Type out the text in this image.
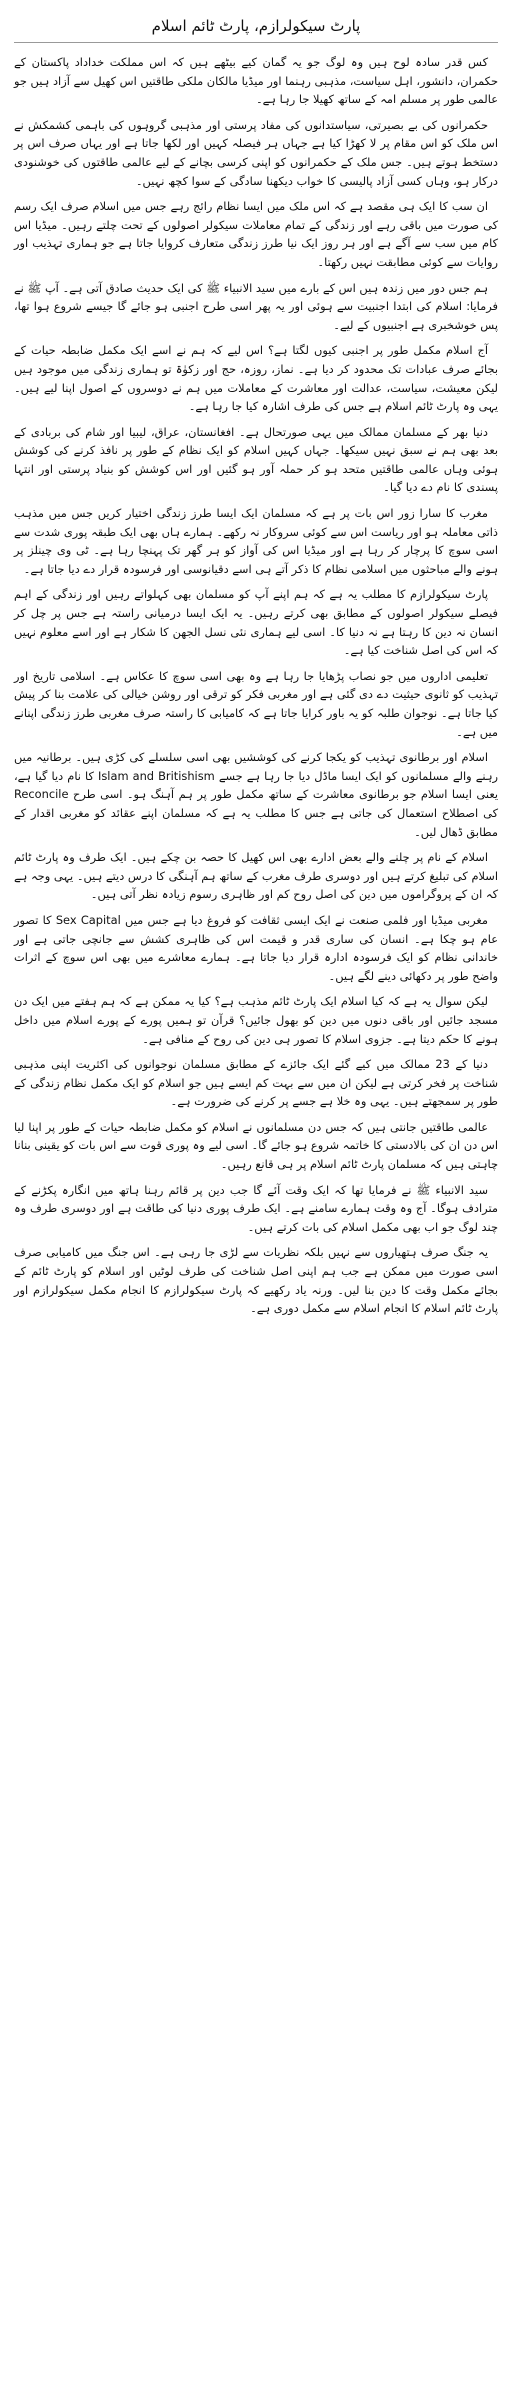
پارٹ سیکولرازم، پارٹ ٹائم اسلام

کس قدر سادہ لوح ہیں وہ لوگ جو یہ گمان کیے بیٹھے ہیں کہ اس مملکت خداداد پاکستان کے حکمران، دانشور، اہل سیاست، مذہبی رہنما اور میڈیا مالکان ملکی طاقتیں اس کھیل سے آزاد ہیں جو عالمی طور پر مسلم امہ کے ساتھ کھیلا جا رہا ہے۔

حکمرانوں کی بے بصیرتی، سیاستدانوں کی مفاد پرستی اور مذہبی گروہوں کی باہمی کشمکش نے اس ملک کو اس مقام پر لا کھڑا کیا ہے جہاں ہر فیصلہ کہیں اور لکھا جاتا ہے اور یہاں صرف اس پر دستخط ہوتے ہیں۔ جس ملک کے حکمرانوں کو اپنی کرسی بچانے کے لیے عالمی طاقتوں کی خوشنودی درکار ہو، وہاں کسی آزاد پالیسی کا خواب دیکھنا سادگی کے سوا کچھ نہیں۔

ان سب کا ایک ہی مقصد ہے کہ اس ملک میں ایسا نظام رائج رہے جس میں اسلام صرف ایک رسم کی صورت میں باقی رہے اور زندگی کے تمام معاملات سیکولر اصولوں کے تحت چلتے رہیں۔ میڈیا اس کام میں سب سے آگے ہے اور ہر روز ایک نیا طرز زندگی متعارف کروایا جاتا ہے جو ہماری تہذیب اور روایات سے کوئی مطابقت نہیں رکھتا۔

ہم جس دور میں زندہ ہیں اس کے بارے میں سید الانبیاء ﷺ کی ایک حدیث صادق آتی ہے۔ آپ ﷺ نے فرمایا: اسلام کی ابتدا اجنبیت سے ہوئی اور یہ پھر اسی طرح اجنبی ہو جائے گا جیسے شروع ہوا تھا، پس خوشخبری ہے اجنبیوں کے لیے۔

آج اسلام مکمل طور پر اجنبی کیوں لگتا ہے؟ اس لیے کہ ہم نے اسے ایک مکمل ضابطہ حیات کے بجائے صرف عبادات تک محدود کر دیا ہے۔ نماز، روزہ، حج اور زکوٰۃ تو ہماری زندگی میں موجود ہیں لیکن معیشت، سیاست، عدالت اور معاشرت کے معاملات میں ہم نے دوسروں کے اصول اپنا لیے ہیں۔ یہی وہ پارٹ ٹائم اسلام ہے جس کی طرف اشارہ کیا جا رہا ہے۔

دنیا بھر کے مسلمان ممالک میں یہی صورتحال ہے۔ افغانستان، عراق، لیبیا اور شام کی بربادی کے بعد بھی ہم نے سبق نہیں سیکھا۔ جہاں کہیں اسلام کو ایک نظام کے طور پر نافذ کرنے کی کوشش ہوئی وہاں عالمی طاقتیں متحد ہو کر حملہ آور ہو گئیں اور اس کوشش کو بنیاد پرستی اور انتہا پسندی کا نام دے دیا گیا۔

مغرب کا سارا زور اس بات پر ہے کہ مسلمان ایک ایسا طرز زندگی اختیار کریں جس میں مذہب ذاتی معاملہ ہو اور ریاست اس سے کوئی سروکار نہ رکھے۔ ہمارے ہاں بھی ایک طبقہ پوری شدت سے اسی سوچ کا پرچار کر رہا ہے اور میڈیا اس کی آواز کو ہر گھر تک پہنچا رہا ہے۔ ٹی وی چینلز پر ہونے والے مباحثوں میں اسلامی نظام کا ذکر آتے ہی اسے دقیانوسی اور فرسودہ قرار دے دیا جاتا ہے۔

پارٹ سیکولرازم کا مطلب یہ ہے کہ ہم اپنے آپ کو مسلمان بھی کہلواتے رہیں اور زندگی کے اہم فیصلے سیکولر اصولوں کے مطابق بھی کرتے رہیں۔ یہ ایک ایسا درمیانی راستہ ہے جس پر چل کر انسان نہ دین کا رہتا ہے نہ دنیا کا۔ اسی لیے ہماری نئی نسل الجھن کا شکار ہے اور اسے معلوم نہیں کہ اس کی اصل شناخت کیا ہے۔

تعلیمی اداروں میں جو نصاب پڑھایا جا رہا ہے وہ بھی اسی سوچ کا عکاس ہے۔ اسلامی تاریخ اور تہذیب کو ثانوی حیثیت دے دی گئی ہے اور مغربی فکر کو ترقی اور روشن خیالی کی علامت بنا کر پیش کیا جاتا ہے۔ نوجوان طلبہ کو یہ باور کرایا جاتا ہے کہ کامیابی کا راستہ صرف مغربی طرز زندگی اپنانے میں ہے۔

اسلام اور برطانوی تہذیب کو یکجا کرنے کی کوششیں بھی اسی سلسلے کی کڑی ہیں۔ برطانیہ میں رہنے والے مسلمانوں کو ایک ایسا ماڈل دیا جا رہا ہے جسے Islam and Britishism کا نام دیا گیا ہے، یعنی ایسا اسلام جو برطانوی معاشرت کے ساتھ مکمل طور پر ہم آہنگ ہو۔ اسی طرح Reconcile کی اصطلاح استعمال کی جاتی ہے جس کا مطلب یہ ہے کہ مسلمان اپنے عقائد کو مغربی اقدار کے مطابق ڈھال لیں۔

اسلام کے نام پر چلنے والے بعض ادارے بھی اس کھیل کا حصہ بن چکے ہیں۔ ایک طرف وہ پارٹ ٹائم اسلام کی تبلیغ کرتے ہیں اور دوسری طرف مغرب کے ساتھ ہم آہنگی کا درس دیتے ہیں۔ یہی وجہ ہے کہ ان کے پروگراموں میں دین کی اصل روح کم اور ظاہری رسوم زیادہ نظر آتی ہیں۔

مغربی میڈیا اور فلمی صنعت نے ایک ایسی ثقافت کو فروغ دیا ہے جس میں Sex Capital کا تصور عام ہو چکا ہے۔ انسان کی ساری قدر و قیمت اس کی ظاہری کشش سے جانچی جاتی ہے اور خاندانی نظام کو ایک فرسودہ ادارہ قرار دیا جاتا ہے۔ ہمارے معاشرے میں بھی اس سوچ کے اثرات واضح طور پر دکھائی دینے لگے ہیں۔

لیکن سوال یہ ہے کہ کیا اسلام ایک پارٹ ٹائم مذہب ہے؟ کیا یہ ممکن ہے کہ ہم ہفتے میں ایک دن مسجد جائیں اور باقی دنوں میں دین کو بھول جائیں؟ قرآن تو ہمیں پورے کے پورے اسلام میں داخل ہونے کا حکم دیتا ہے۔ جزوی اسلام کا تصور ہی دین کی روح کے منافی ہے۔

دنیا کے 23 ممالک میں کیے گئے ایک جائزے کے مطابق مسلمان نوجوانوں کی اکثریت اپنی مذہبی شناخت پر فخر کرتی ہے لیکن ان میں سے بہت کم ایسے ہیں جو اسلام کو ایک مکمل نظام زندگی کے طور پر سمجھتے ہیں۔ یہی وہ خلا ہے جسے پر کرنے کی ضرورت ہے۔

عالمی طاقتیں جانتی ہیں کہ جس دن مسلمانوں نے اسلام کو مکمل ضابطہ حیات کے طور پر اپنا لیا اس دن ان کی بالادستی کا خاتمہ شروع ہو جائے گا۔ اسی لیے وہ پوری قوت سے اس بات کو یقینی بنانا چاہتی ہیں کہ مسلمان پارٹ ٹائم اسلام پر ہی قانع رہیں۔

سید الانبیاء ﷺ نے فرمایا تھا کہ ایک وقت آئے گا جب دین پر قائم رہنا ہاتھ میں انگارہ پکڑنے کے مترادف ہوگا۔ آج وہ وقت ہمارے سامنے ہے۔ ایک طرف پوری دنیا کی طاقت ہے اور دوسری طرف وہ چند لوگ جو اب بھی مکمل اسلام کی بات کرتے ہیں۔

یہ جنگ صرف ہتھیاروں سے نہیں بلکہ نظریات سے لڑی جا رہی ہے۔ اس جنگ میں کامیابی صرف اسی صورت میں ممکن ہے جب ہم اپنی اصل شناخت کی طرف لوٹیں اور اسلام کو پارٹ ٹائم کے بجائے مکمل وقت کا دین بنا لیں۔ ورنہ یاد رکھیے کہ پارٹ سیکولرازم کا انجام مکمل سیکولرازم اور پارٹ ٹائم اسلام کا انجام اسلام سے مکمل دوری ہے۔
